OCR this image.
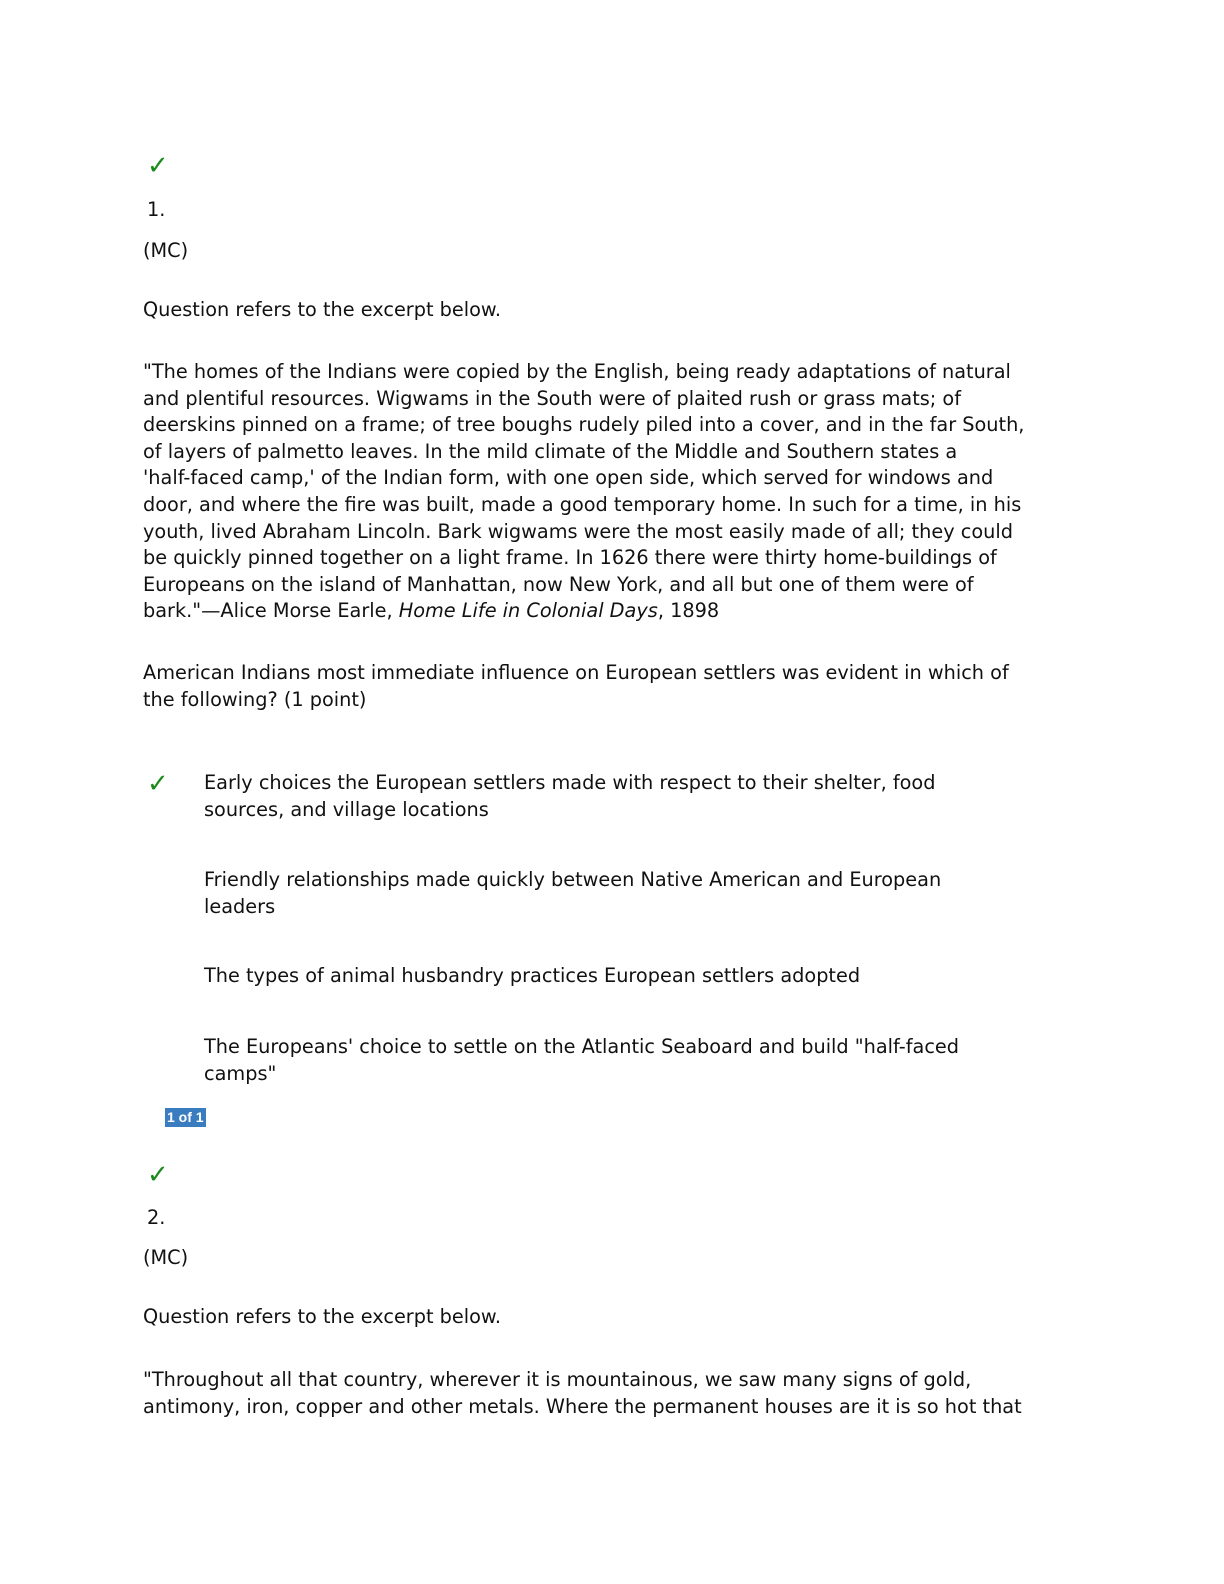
✓
1.
(MC)
Question refers to the excerpt below.
"The homes of the Indians were copied by the English, being ready adaptations of natural
and plentiful resources. Wigwams in the South were of plaited rush or grass mats; of
deerskins pinned on a frame; of tree boughs rudely piled into a cover, and in the far South,
of layers of palmetto leaves. In the mild climate of the Middle and Southern states a
'half-faced camp,' of the Indian form, with one open side, which served for windows and
door, and where the fire was built, made a good temporary home. In such for a time, in his
youth, lived Abraham Lincoln. Bark wigwams were the most easily made of all; they could
be quickly pinned together on a light frame. In 1626 there were thirty home-buildings of
Europeans on the island of Manhattan, now New York, and all but one of them were of
bark."—Alice Morse Earle, Home Life in Colonial Days, 1898
American Indians most immediate influence on European settlers was evident in which of
the following? (1 point)
✓ Early choices the European settlers made with respect to their shelter, food
sources, and village locations
Friendly relationships made quickly between Native American and European
leaders
The types of animal husbandry practices European settlers adopted
The Europeans' choice to settle on the Atlantic Seaboard and build "half-faced
camps"
1 of 1
✓
2.
(MC)
Question refers to the excerpt below.
"Throughout all that country, wherever it is mountainous, we saw many signs of gold,
antimony, iron, copper and other metals. Where the permanent houses are it is so hot that
